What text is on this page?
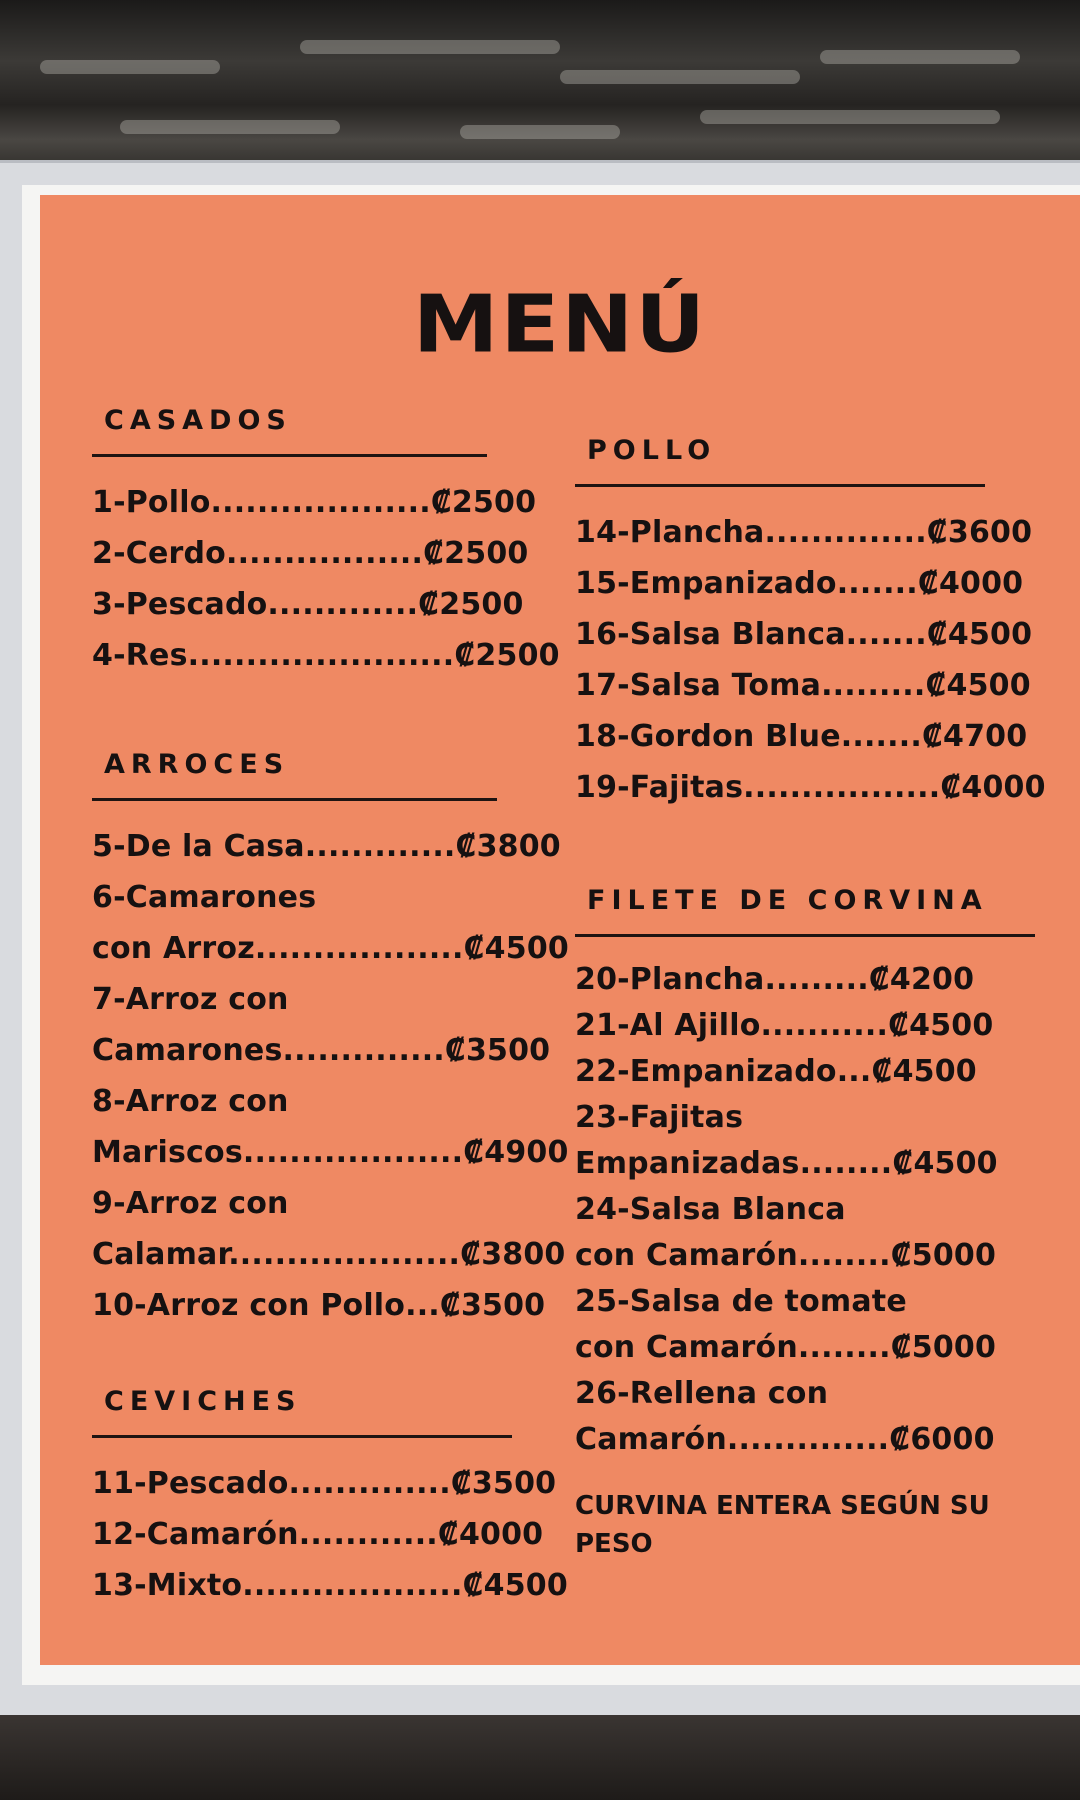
MENÚ
CASADOS
1-Pollo...................₡2500
2-Cerdo.................₡2500
3-Pescado.............₡2500
4-Res.......................₡2500
ARROCES
5-De la Casa.............₡3800
6-Camarones
con Arroz..................₡4500
7-Arroz con
Camarones..............₡3500
8-Arroz con
Mariscos...................₡4900
9-Arroz con
Calamar....................₡3800
10-Arroz con Pollo...₡3500
CEVICHES
11-Pescado..............₡3500
12-Camarón............₡4000
13-Mixto...................₡4500
POLLO
14-Plancha..............₡3600
15-Empanizado.......₡4000
16-Salsa Blanca.......₡4500
17-Salsa Toma.........₡4500
18-Gordon Blue.......₡4700
19-Fajitas.................₡4000
FILETE DE CORVINA
20-Plancha.........₡4200
21-Al Ajillo...........₡4500
22-Empanizado...₡4500
23-Fajitas
Empanizadas........₡4500
24-Salsa Blanca
con Camarón........₡5000
25-Salsa de tomate
con Camarón........₡5000
26-Rellena con
Camarón..............₡6000
CURVINA ENTERA SEGÚN SU PESO
